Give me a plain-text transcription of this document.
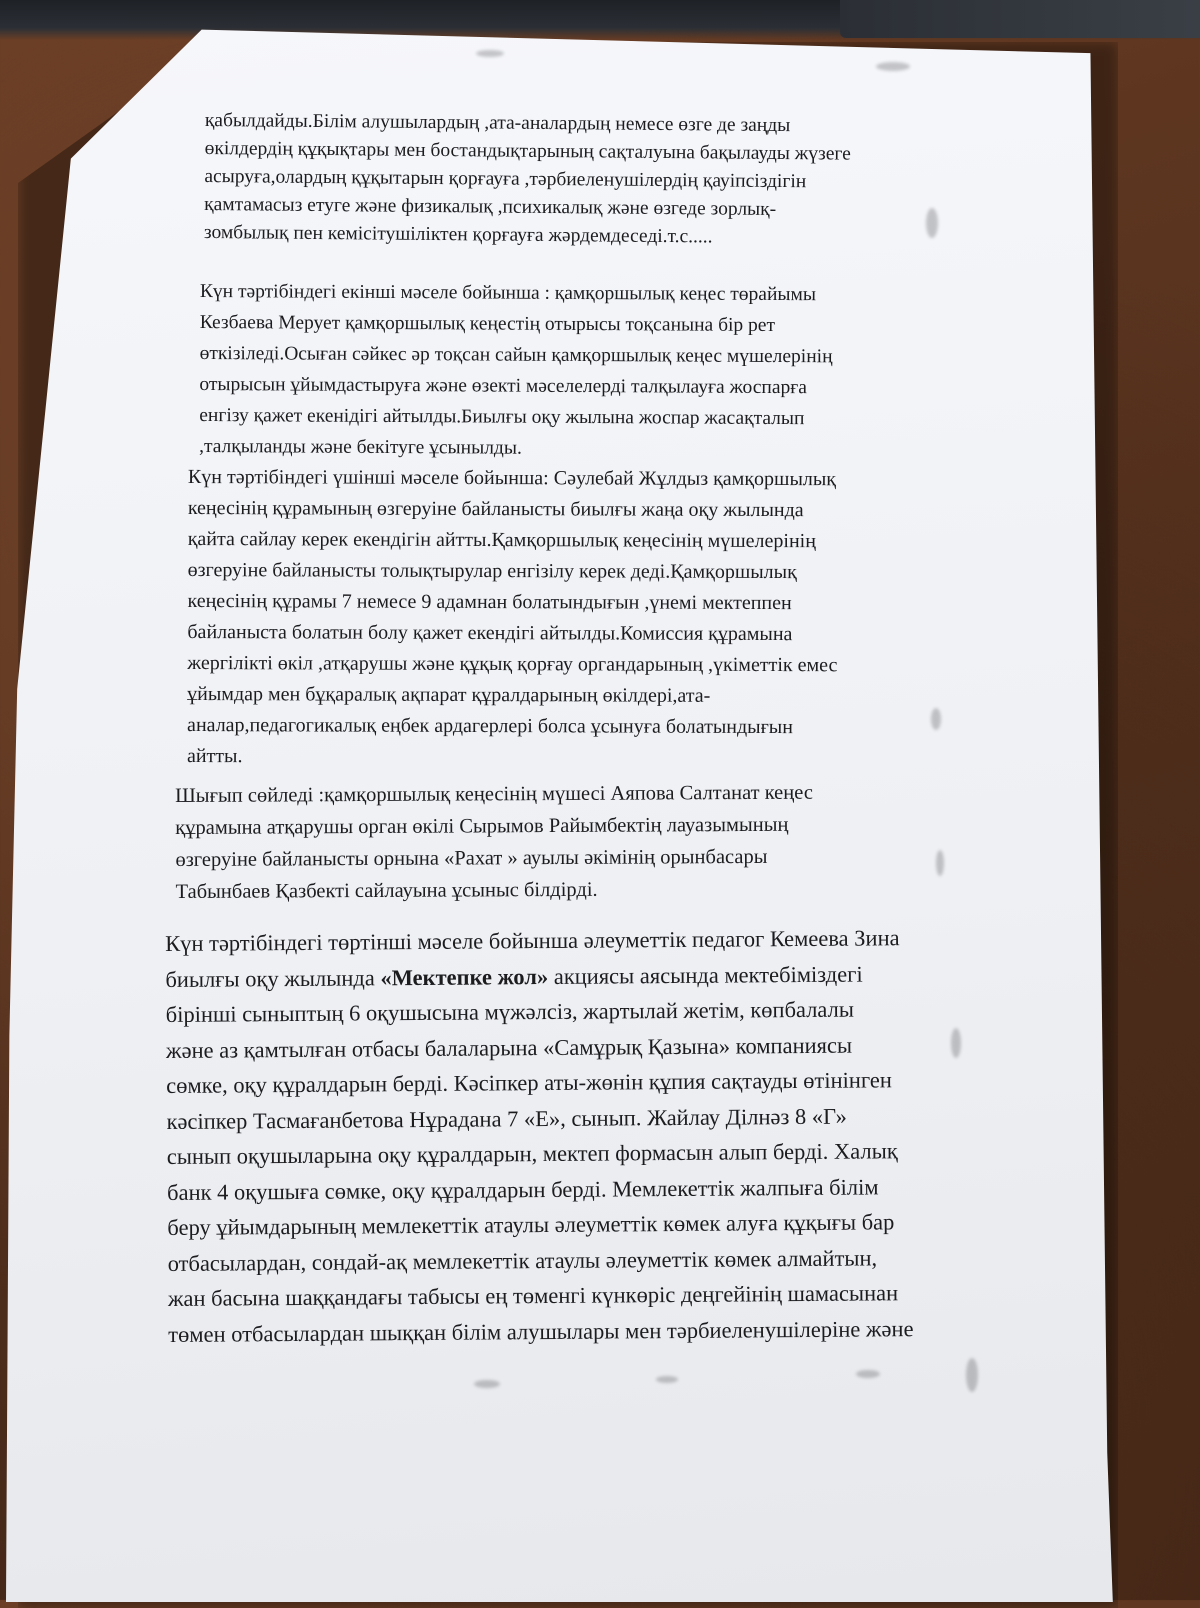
қабылдайды.Білім алушылардың ,ата-аналардың немесе өзге де заңды
өкілдердің құқықтары мен бостандықтарының сақталуына бақылауды жүзеге
асыруға,олардың құқытарын қорғауға ,тәрбиеленушілердің қауіпсіздігін
қамтамасыз етуге және физикалық ,психикалық және өзгеде зорлық-
зомбылық пен кемісітушіліктен қорғауға жәрдемдеседі.т.с.....
Күн тәртібіндегі екінші мәселе бойынша : қамқоршылық кеңес төрайымы
Кезбаева Мерует қамқоршылық кеңестің отырысы тоқсанына бір рет
өткізіледі.Осыған сәйкес әр тоқсан сайын қамқоршылық кеңес мүшелерінің
отырысын ұйымдастыруға және өзекті мәселелерді талқылауға жоспарға
енгізу қажет екенідігі айтылды.Биылғы оқу жылына жоспар жасақталып
,талқыланды және бекітуге ұсынылды.
Күн тәртібіндегі үшінші мәселе бойынша: Сәулебай Жұлдыз қамқоршылық
кеңесінің құрамының өзгеруіне байланысты биылғы жаңа оқу жылында
қайта сайлау керек екендігін айтты.Қамқоршылық кеңесінің мүшелерінің
өзгеруіне байланысты толықтырулар енгізілу керек деді.Қамқоршылық
кеңесінің құрамы 7 немесе 9 адамнан болатындығын ,үнемі мектеппен
байланыста болатын болу қажет екендігі айтылды.Комиссия құрамына
жергілікті өкіл ,атқарушы және құқық қорғау органдарының ,үкіметтік емес
ұйымдар мен бұқаралық ақпарат құралдарының өкілдері,ата-
аналар,педагогикалық еңбек ардагерлері болса ұсынуға болатындығын
айтты.
Шығып сөйледі :қамқоршылық кеңесінің мүшесі Аяпова Салтанат кеңес
құрамына атқарушы орган өкілі Сырымов Райымбектің лауазымының
өзгеруіне байланысты орнына «Рахат » ауылы әкімінің орынбасары
Табынбаев Қазбекті сайлауына ұсыныс білдірді.
Күн тәртібіндегі төртінші мәселе бойынша әлеуметтік педагог Кемеева Зина
биылғы оқу жылында «Мектепке жол» акциясы аясында мектебіміздегі
бірінші сыныптың 6 оқушысына мүжәлсіз, жартылай жетім, көпбалалы
және аз қамтылған отбасы балаларына «Самұрық Қазына» компаниясы
сөмке, оқу құралдарын берді. Кәсіпкер аты-жөнін құпия сақтауды өтінінген
кәсіпкер Тасмағанбетова Нұрадана 7 «Е», сынып. Жайлау Ділнәз 8 «Г»
сынып оқушыларына оқу құралдарын, мектеп формасын алып берді. Халық
банк 4 оқушыға сөмке, оқу құралдарын берді. Мемлекеттік жалпыға білім
беру ұйымдарының мемлекеттік атаулы әлеуметтік көмек алуға құқығы бар
отбасылардан, сондай-ақ мемлекеттік атаулы әлеуметтік көмек алмайтын,
жан басына шаққандағы табысы ең төменгі күнкөріс деңгейінің шамасынан
төмен отбасылардан шыққан білім алушылары мен тәрбиеленушілеріне және
